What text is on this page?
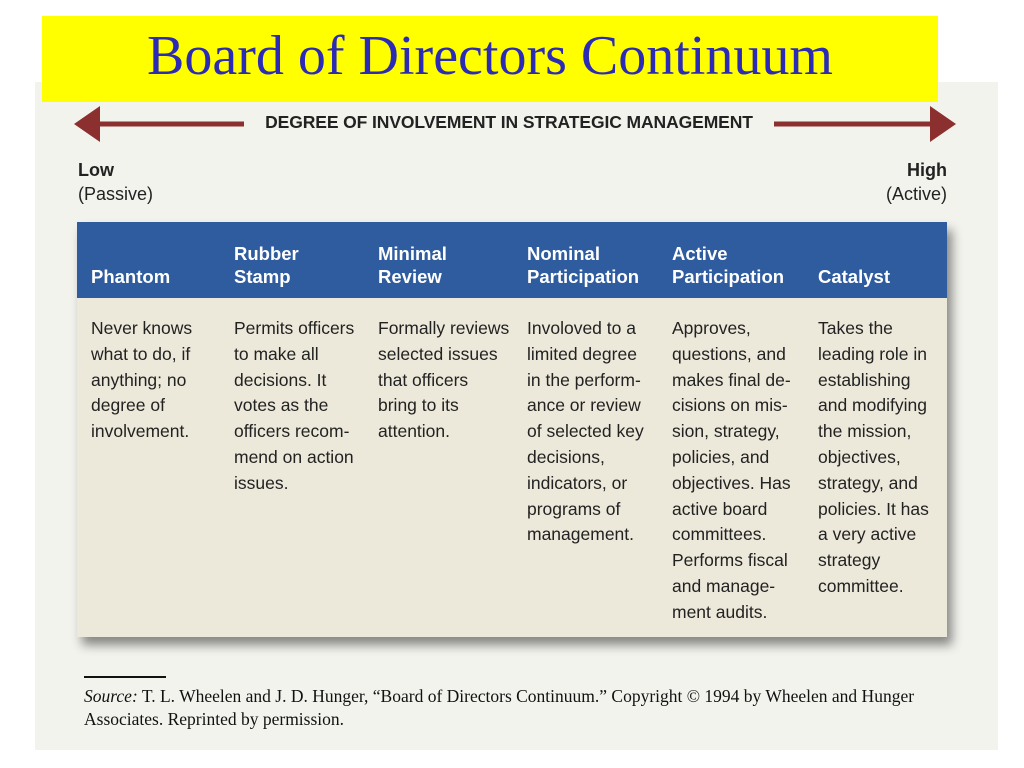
Board of Directors Continuum
DEGREE OF INVOLVEMENT IN STRATEGIC MANAGEMENT
Low
(Passive)
High
(Active)
Phantom
Rubber
Stamp
Minimal
Review
Nominal
Participation
Active
Participation Catalyst
Never knows
what to do, if
anything; no
degree of
involvement.
Permits officers
to make all
decisions. It
votes as the
officers recom-
mend on action
issues.
Formally reviews
selected issues
that officers
bring to its
attention.
Involoved to a
limited degree
in the perform-
ance or review
of selected key
decisions,
indicators, or
programs of
management.
Approves,
questions, and
makes final de-
cisions on mis-
sion, strategy,
policies, and
objectives. Has
active board
committees.
Performs fiscal
and manage-
ment audits.
Takes the
leading role in
establishing
and modifying
the mission,
objectives,
strategy, and
policies. It has
a very active
strategy
committee.
Source: T. L. Wheelen and J. D. Hunger, “Board of Directors Continuum.” Copyright © 1994 by Wheelen and Hunger Associates. Reprinted by permission.
